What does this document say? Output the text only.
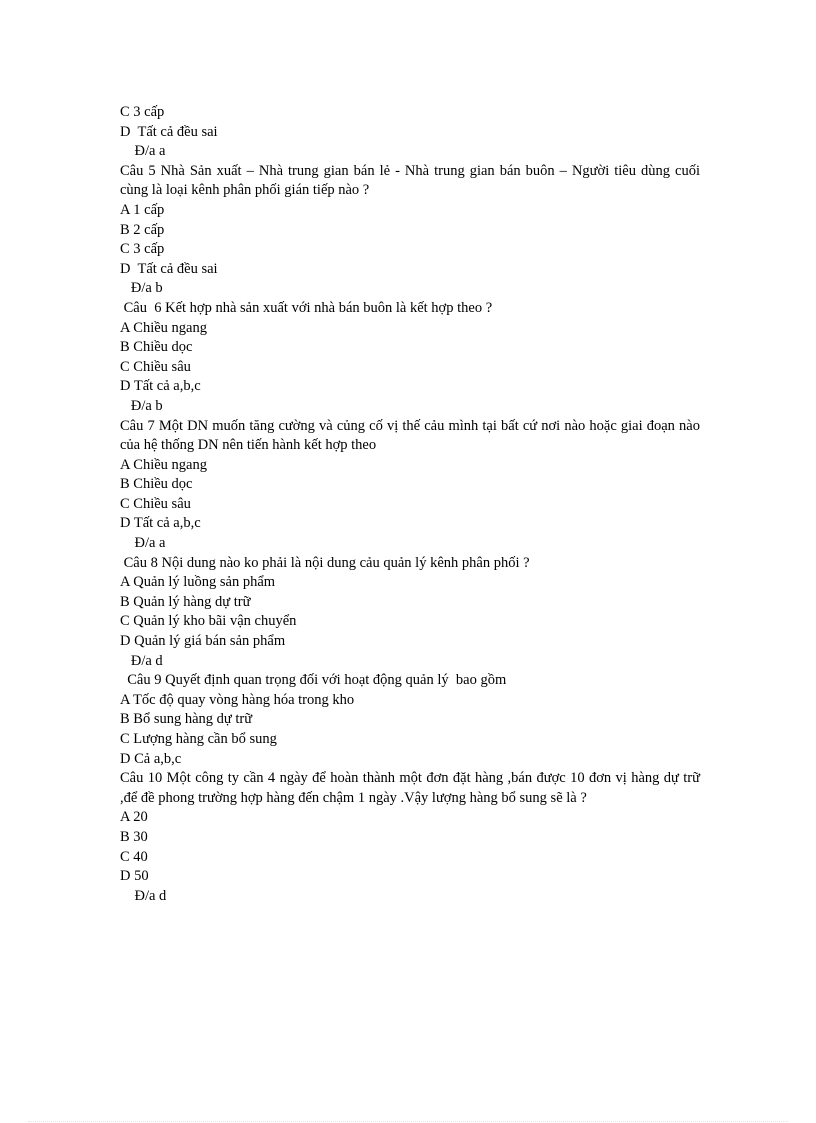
C 3 cấp
D  Tất cả đều sai
Đ/a a
Câu 5 Nhà Sản xuất – Nhà trung gian bán lẻ - Nhà trung gian bán buôn – Người tiêu dùng cuối cùng là loại kênh phân phối gián tiếp nào ?
A 1 cấp
B 2 cấp
C 3 cấp
D  Tất cả đều sai
Đ/a b
Câu  6 Kết hợp nhà sản xuất với nhà bán buôn là kết hợp theo ?
A Chiều ngang
B Chiều dọc
C Chiều sâu
D Tất cả a,b,c
Đ/a b
Câu 7 Một DN muốn tăng cường và củng cố vị thế cảu mình tại bất cứ nơi nào hoặc giai đoạn nào của hệ thống DN nên tiến hành kết hợp theo
A Chiều ngang
B Chiều dọc
C Chiều sâu
D Tất cả a,b,c
Đ/a a
Câu 8 Nội dung nào ko phải là nội dung cảu quản lý kênh phân phối ?
A Quản lý luồng sản phẩm
B Quản lý hàng dự trữ
C Quản lý kho bãi vận chuyển
D Quản lý giá bán sản phẩm
Đ/a d
Câu 9 Quyết định quan trọng đối với hoạt động quản lý  bao gồm
A Tốc độ quay vòng hàng hóa trong kho
B Bổ sung hàng dự trữ
C Lượng hàng cần bổ sung
D Cả a,b,c
Câu 10 Một công ty cần 4 ngày để hoàn thành một đơn đặt hàng ,bán được 10 đơn vị hàng dự trữ ,để đề phong trường hợp hàng đến chậm 1 ngày .Vậy lượng hàng bổ sung sẽ là ?
A 20
B 30
C 40
D 50
Đ/a d
